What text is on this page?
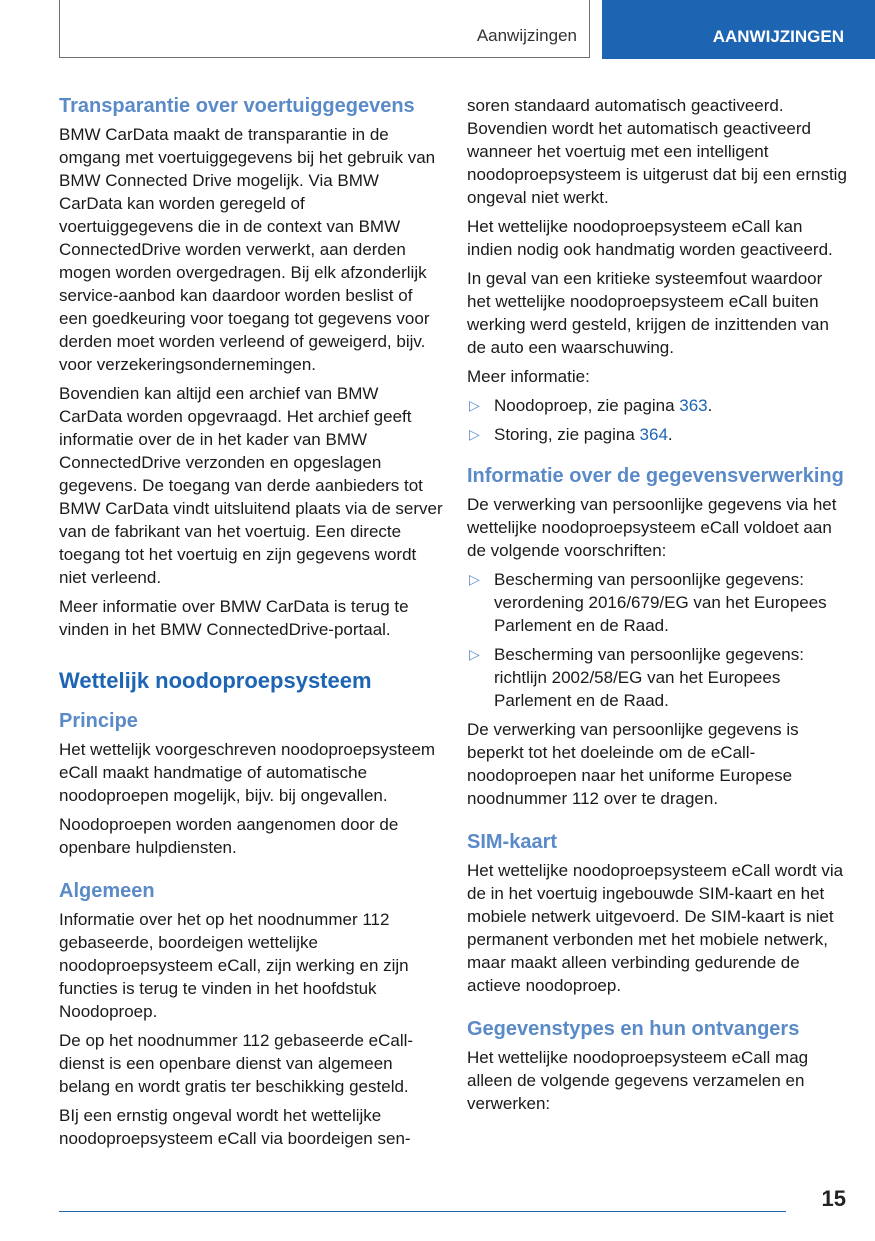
Aanwijzingen	AANWIJZINGEN
Transparantie over voertuiggegevens

BMW CarData maakt de transparantie in de omgang met voertuiggegevens bij het gebruik van BMW Connected Drive mogelijk. Via BMW CarData kan worden geregeld of voertuiggegevens die in de context van BMW ConnectedDrive worden verwerkt, aan derden mogen worden overgedragen. Bij elk afzonderlijk service-aanbod kan daardoor worden beslist of een goedkeuring voor toegang tot gegevens voor derden moet worden verleend of geweigerd, bijv. voor verzekeringsondernemingen.

Bovendien kan altijd een archief van BMW CarData worden opgevraagd. Het archief geeft informatie over de in het kader van BMW ConnectedDrive verzonden en opgeslagen gegevens. De toegang van derde aanbieders tot BMW CarData vindt uitsluitend plaats via de server van de fabrikant van het voertuig. Een directe toegang tot het voertuig en zijn gegevens wordt niet verleend.

Meer informatie over BMW CarData is terug te vinden in het BMW ConnectedDrive-portaal.

Wettelijk noodoproepsysteem
Principe

Het wettelijk voorgeschreven noodoproepsysteem eCall maakt handmatige of automatische noodoproepen mogelijk, bijv. bij ongevallen.

Noodoproepen worden aangenomen door de openbare hulpdiensten.

Algemeen

Informatie over het op het noodnummer 112 gebaseerde, boordeigen wettelijke noodoproepsysteem eCall, zijn werking en zijn functies is terug te vinden in het hoofdstuk Noodoproep.

De op het noodnummer 112 gebaseerde eCall-dienst is een openbare dienst van algemeen belang en wordt gratis ter beschikking gesteld.

BIj een ernstig ongeval wordt het wettelijke noodoproepsysteem eCall via boordeigen sen-

soren standaard automatisch geactiveerd. Bovendien wordt het automatisch geactiveerd wanneer het voertuig met een intelligent noodoproepsysteem is uitgerust dat bij een ernstig ongeval niet werkt.

Het wettelijke noodoproepsysteem eCall kan indien nodig ook handmatig worden geactiveerd.

In geval van een kritieke systeemfout waardoor het wettelijke noodoproepsysteem eCall buiten werking werd gesteld, krijgen de inzittenden van de auto een waarschuwing.

Meer informatie:

▷ Noodoproep, zie pagina 363.
▷ Storing, zie pagina 364.
Informatie over de gegevensverwerking

De verwerking van persoonlijke gegevens via het wettelijke noodoproepsysteem eCall voldoet aan de volgende voorschriften:

▷ Bescherming van persoonlijke gegevens: verordening 2016/679/EG van het Europees Parlement en de Raad.
▷ Bescherming van persoonlijke gegevens: richtlijn 2002/58/EG van het Europees Parlement en de Raad.

De verwerking van persoonlijke gegevens is beperkt tot het doeleinde om de eCall-noodoproepen naar het uniforme Europese noodnummer 112 over te dragen.

SIM-kaart

Het wettelijke noodoproepsysteem eCall wordt via de in het voertuig ingebouwde SIM-kaart en het mobiele netwerk uitgevoerd. De SIM-kaart is niet permanent verbonden met het mobiele netwerk, maar maakt alleen verbinding gedurende de actieve noodoproep.

Gegevenstypes en hun ontvangers

Het wettelijke noodoproepsysteem eCall mag alleen de volgende gegevens verzamelen en verwerken:

15
